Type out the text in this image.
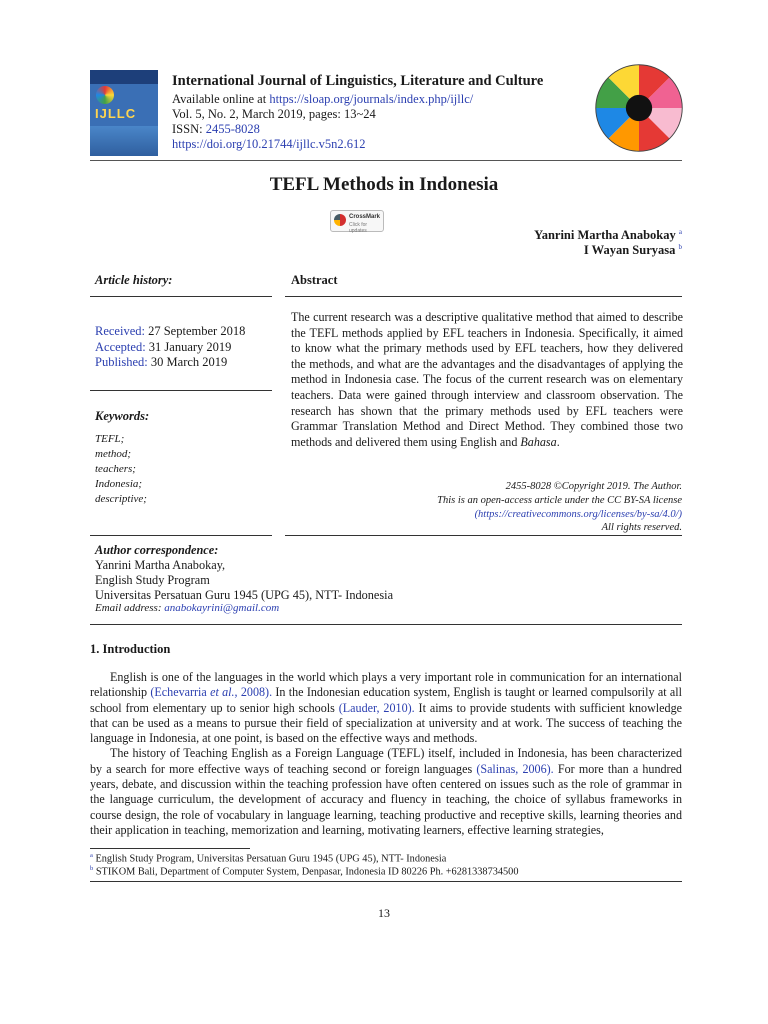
IJLLC
International Journal of Linguistics, Literature and Culture
Available online at https://sloap.org/journals/index.php/ijllc/
Vol. 5, No. 2, March 2019, pages: 13~24
ISSN: 2455-8028
https://doi.org/10.21744/ijllc.v5n2.612
TEFL Methods in Indonesia
CrossMark
Click for updates	Yanrini Martha Anabokay $^a$
I Wayan Suryasa $^b$
Article history:	Abstract
Received: 27 September 2018
Accepted: 31 January 2019
Published: 30 March 2019
Keywords:
TEFL;
method;
teachers;
Indonesia;
descriptive;
The current research was a descriptive qualitative method that aimed to describe the TEFL methods applied by EFL teachers in Indonesia. Specifically, it aimed to know what the primary methods used by EFL teachers, how they delivered the methods, and what are the advantages and the disadvantages of applying the method in Indonesia case. The focus of the current research was on elementary teachers. Data were gained through interview and classroom observation. The research has shown that the primary methods used by EFL teachers were Grammar Translation Method and Direct Method. They combined those two methods and delivered them using English and Bahasa.
2455-8028 ©Copyright 2019. The Author.
This is an open-access article under the CC BY-SA license
(https://creativecommons.org/licenses/by-sa/4.0/)
All rights reserved.
Author correspondence:
Yanrini Martha Anabokay,
English Study Program
Universitas Persatuan Guru 1945 (UPG 45), NTT- Indonesia
Email address: anabokayrini@gmail.com
1. Introduction

English is one of the languages in the world which plays a very important role in communication for an international relationship (Echevarria et al., 2008). In the Indonesian education system, English is taught or learned compulsorily at all school from elementary up to senior high schools (Lauder, 2010). It aims to provide students with sufficient knowledge that can be used as a means to pursue their field of specialization at university and at work. The success of teaching the language in Indonesia, at one point, is based on the effective ways and methods.

The history of Teaching English as a Foreign Language (TEFL) itself, included in Indonesia, has been characterized by a search for more effective ways of teaching second or foreign languages (Salinas, 2006). For more than a hundred years, debate, and discussion within the teaching profession have often centered on issues such as the role of grammar in the language curriculum, the development of accuracy and fluency in teaching, the choice of syllabus frameworks in course design, the role of vocabulary in language learning, teaching productive and receptive skills, learning theories and their application in teaching, memorization and learning, motivating learners, effective learning strategies,

$^a$ English Study Program, Universitas Persatuan Guru 1945 (UPG 45), NTT- Indonesia
$^b$ STIKOM Bali, Department of Computer System, Denpasar, Indonesia ID 80226 Ph. +6281338734500
13
